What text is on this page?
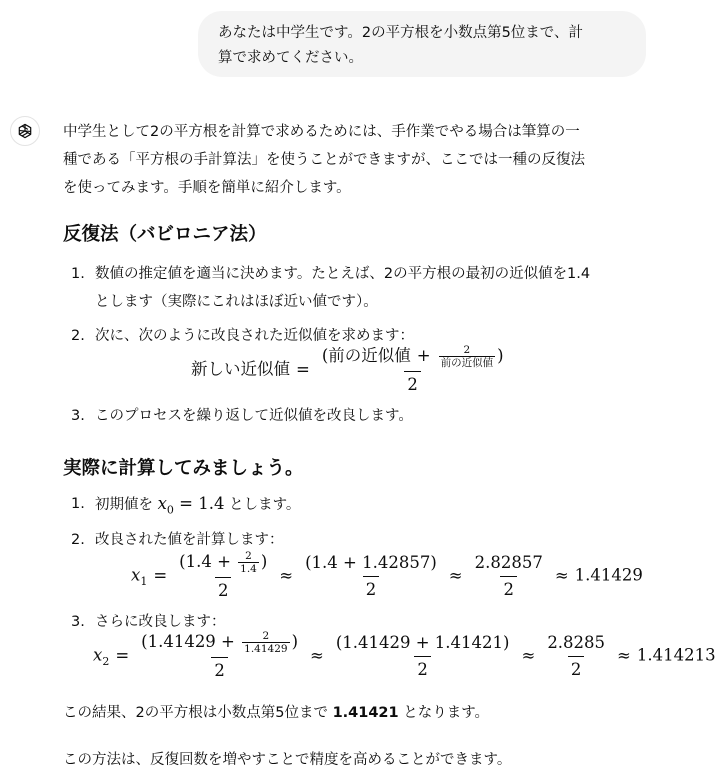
あなたは中学生です。2の平方根を小数点第5位まで、計
算で求めてください。

中学生として2の平方根を計算で求めるためには、手作業でやる場合は筆算の一

種である「平方根の手計算法」を使うことができますが、ここでは一種の反復法

を使ってみます。手順を簡単に紹介します。

反復法（バビロニア法）
1. 数値の推定値を適当に決めます。たとえば、2の平方根の最初の近似値を1.4
とします（実際にこれはほぼ近い値です）。
2. 次に、次のように改良された近似値を求めます：
3. このプロセスを繰り返して近似値を改良します。
新しい近似値 = (前の近似値 +	2
前の近似値 )
2
実際に計算してみましょう。
1. 初期値を $x_0 = 1.4$ とします。
2. 改良された値を計算します：
3. さらに改良します：
$x_1 = \frac{(1.4 + \frac{2}{1.4} )}{2} \approx \frac{(1.4 + 1.42857)}{2} \approx \frac{2.82857}{2} \approx 1.41429$
$x_2 = \frac{(1.41429 + \frac{2}{1.41429} )}{2} \approx \frac{(1.41429 + 1.41421)}{2} \approx \frac{2.8285}{2} \approx 1.414213$

この結果、2の平方根は小数点第5位まで 1.41421 となります。

この方法は、反復回数を増やすことで精度を高めることができます。
